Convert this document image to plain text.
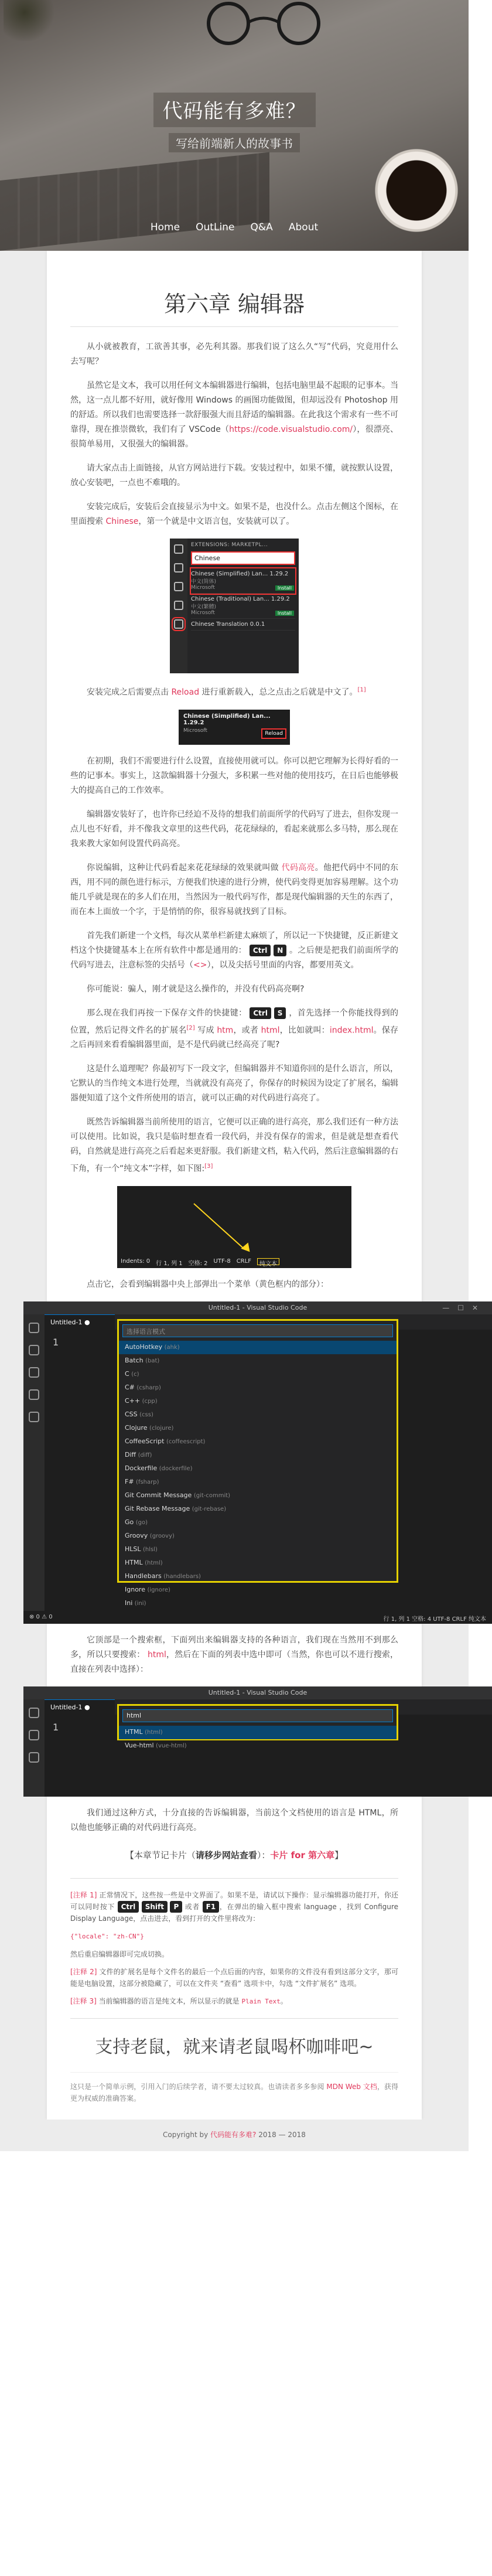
代码能有多难？
写给前端新人的故事书
Home OutLine Q&A About
第六章 编辑器

从小就被教育，工欲善其事，必先利其器。那我们说了这么久“写”代码，究竟用什么去写呢？

虽然它是文本，我可以用任何文本编辑器进行编辑，包括电脑里最不起眼的记事本。当然，这一点儿都不好用，就好像用 Windows 的画图功能做图，但却远没有 Photoshop 用的舒适。所以我们也需要选择一款舒服强大而且舒适的编辑器。在此我这个需求有一些不可靠得，现在推崇微软，我们有了 VSCode（https://code.visualstudio.com/），很漂亮、很简单易用，又很强大的编辑器。

请大家点击上面链接，从官方网站进行下载。安装过程中，如果不懂，就按默认设置，放心安装吧，一点也不难哦的。

安装完成后，安装后会直接显示为中文。如果不是，也没什么。点击左侧这个图标，在里面搜索 Chinese，第一个就是中文语言包，安装就可以了。

EXTENSIONS: MARKETPL...
Chinese
Chinese (Simplified) Lan... 1.29.2
中文(简体)
Microsoft	Install
Chinese (Traditional) Lan... 1.29.2
中文(繁體)
Microsoft	Install
Chinese Translation 0.0.1

安装完成之后需要点击 Reload 进行重新载入，总之点击之后就是中文了。[1]

Chinese (Simplified) Lan... 1.29.2
Microsoft	Reload

在初期，我们不需要进行什么设置，直接使用就可以。你可以把它理解为长得好看的一些的记事本。事实上，这款编辑器十分强大，多积累一些对他的使用技巧，在日后也能够极大的提高自己的工作效率。

编辑器安装好了，也许你已经迫不及待的想我们前面所学的代码写了进去，但你发现一点儿也不好看，并不像我文章里的这些代码，花花绿绿的，看起来就那么多马特，那么现在我来教大家如何设置代码高亮。

你说编辑，这种让代码看起来花花绿绿的效果就叫做 代码高亮。他把代码中不同的东西，用不同的颜色进行标示，方便我们快速的进行分辨，使代码变得更加容易理解。这个功能几乎就是现在的多人们在用，当然因为一般代码写作，都是现代编辑器的天生的东西了，而在本上面放一个字，于是悄悄的你，很容易就找到了目标。

首先我们新建一个文档，每次从菜单栏新建太麻烦了，所以记一下快捷键，反正新建文档这个快捷键基本上在所有软件中都是通用的： Ctrl N 。之后便是把我们前面所学的代码写进去，注意标签的尖括号（<>），以及尖括号里面的内容，都要用英文。

你可能说：骗人，刚才就是这么操作的，并没有代码高亮啊?

那么现在我们再按一下保存文件的快捷键： Ctrl S ，首先选择一个你能找得到的位置，然后记得文件名的扩展名[2] 写成 htm，或者 html，比如就叫：index.html。保存之后再回来看看编辑器里面，是不是代码就已经高亮了呢?

这是什么道理呢？你最初写下一段文字，但编辑器并不知道你回的是什么语言，所以，它默认的当作纯文本进行处理，当就就没有高亮了，你保存的时候因为设定了扩展名，编辑器便知道了这个文件所使用的语言，就可以正确的对代码进行高亮了。

既然告诉编辑器当前所使用的语言，它便可以正确的进行高亮，那么我们还有一种方法可以使用。比如说，我只是临时想查看一段代码，并没有保存的需求，但是就是想查看代码，自然就是进行高亮之后看起来更舒服。我们新建文档，粘入代码，然后注意编辑器的右下角，有一个“纯文本”字样，如下图:[3]

Indents: 0 行 1, 列 1 空格: 2 UTF-8 CRLF	纯文本

点击它，会看到编辑器中央上部弹出一个菜单（黄色框内的部分）：

Untitled-1 - Visual Studio Code	—☐✕
Untitled-1 ●
1
选择语言模式
AutoHotkey (ahk)
Batch (bat)
C (c)
C# (csharp)
C++ (cpp)
CSS (css)
Clojure (clojure)
CoffeeScript (coffeescript)
Diff (diff)
Dockerfile (dockerfile)
F# (fsharp)
Git Commit Message (git-commit)
Git Rebase Message (git-rebase)
Go (go)
Groovy (groovy)
HLSL (hlsl)
HTML (html)
Handlebars (handlebars)
Ignore (ignore)
Ini (ini)
⊗ 0 ⚠ 0	行 1, 列 1 空格: 4 UTF-8 CRLF 纯文本

它顶部是一个搜索框，下面列出来编辑器支持的各种语言，我们现在当然用不到那么多，所以只要搜索： html，然后在下面的列表中选中即可（当然，你也可以不进行搜索，直接在列表中选择）：

Untitled-1 - Visual Studio Code
Untitled-1 ●
1
html
HTML (html)
Vue-html (vue-html)

我们通过这种方式，十分直接的告诉编辑器，当前这个文档使用的语言是 HTML，所以他也能够正确的对代码进行高亮。

【本章节记卡片（请移步网站查看）：卡片 for 第六章】

[注释 1] 正常情况下，这些按一些是中文界面了。如果不是，请试以下操作：显示编辑器功能打开，你还可以同时按下 Ctrl Shift P 或者 F1 ，在弹出的输入框中搜索 language ，找到 Configure Display Language，点击进去，看到打开的文件里将改为：

{"locale": "zh-CN"}

然后重启编辑器即可完成切换。

[注释 2] 文件的扩展名是每个文件名的最后一个点后面的内容，如果你的文件没有看到这部分文字，那可能是电脑设置，这部分被隐藏了，可以在文件夹 “查看” 选项卡中，勾选 “文件扩展名” 选项。

[注释 3] 当前编辑器的语言是纯文本，所以显示的就是 Plain Text。

支持老鼠，就来请老鼠喝杯咖啡吧~

这只是一个简单示例，引用入门的后续学者，请不要太过较真。也请读者多多参阅 MDN Web 文档，获得更为权威的准确答案。

Copyright by 代码能有多难? 2018 — 2018
